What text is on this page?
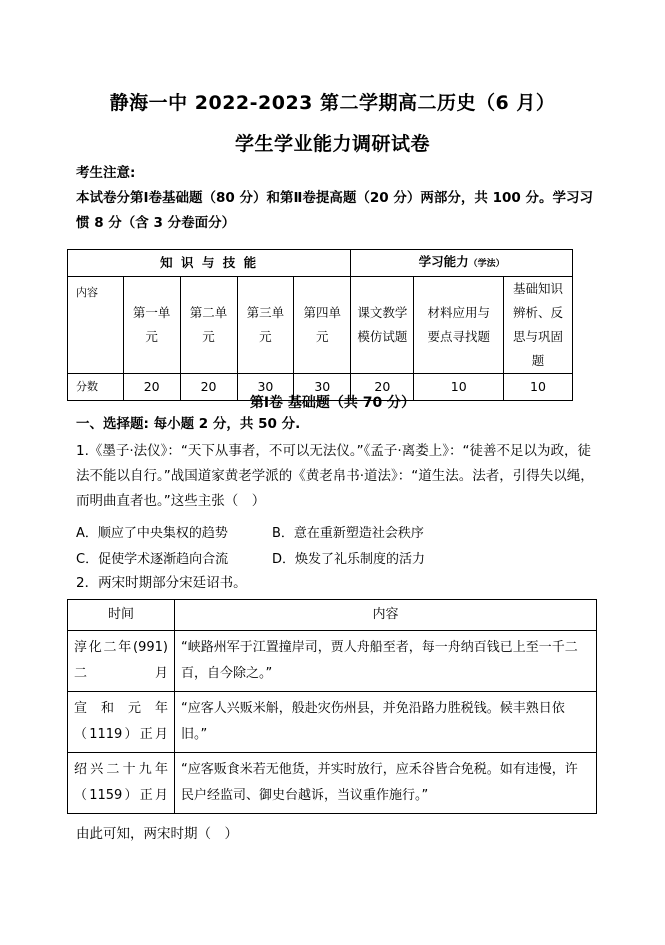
静海一中 2022-2023 第二学期高二历史（6 月）
学生学业能力调研试卷
考生注意:
本试卷分第Ⅰ卷基础题（80 分）和第Ⅱ卷提高题（20 分）两部分，共 100 分。学习习惯 8 分（含 3 分卷面分）
知 识 与 技 能					学习能力（学法）		
内容	第一单元	第二单元	第三单元	第四单元	课文教学模仿试题	材料应用与要点寻找题	基础知识辨析、反思与巩固题
分数	20	20	30	30	20	10	10
第Ⅰ卷 基础题（共 70 分）
一、选择题: 每小题 2 分，共 50 分.
1.《墨子·法仪》：“天下从事者，不可以无法仪。”《孟子·离娄上》：“徒善不足以为政，徒法不能以自行。”战国道家黄老学派的《黄老帛书·道法》：“道生法。法者，引得失以绳，而明曲直者也。”这些主张（　）
A．顺应了中央集权的趋势	B．意在重新塑造社会秩序
C．促使学术逐渐趋向合流	D．焕发了礼乐制度的活力
2．两宋时期部分宋廷诏书。
时间	内容
淳化二年(991) 二月	“峡路州军于江置撞岸司，贾人舟船至者，每一舟纳百钱已上至一千二百，自今除之。”
宣 和 元 年（1119）正月	“应客人兴贩米斛，般赴灾伤州县，并免沿路力胜税钱。候丰熟日依旧。”
绍兴二十九年（1159）正月	“应客贩食米若无他货，并实时放行，应禾谷皆合免税。如有违慢，许民户经监司、御史台越诉，当议重作施行。”
由此可知，两宋时期（　）
